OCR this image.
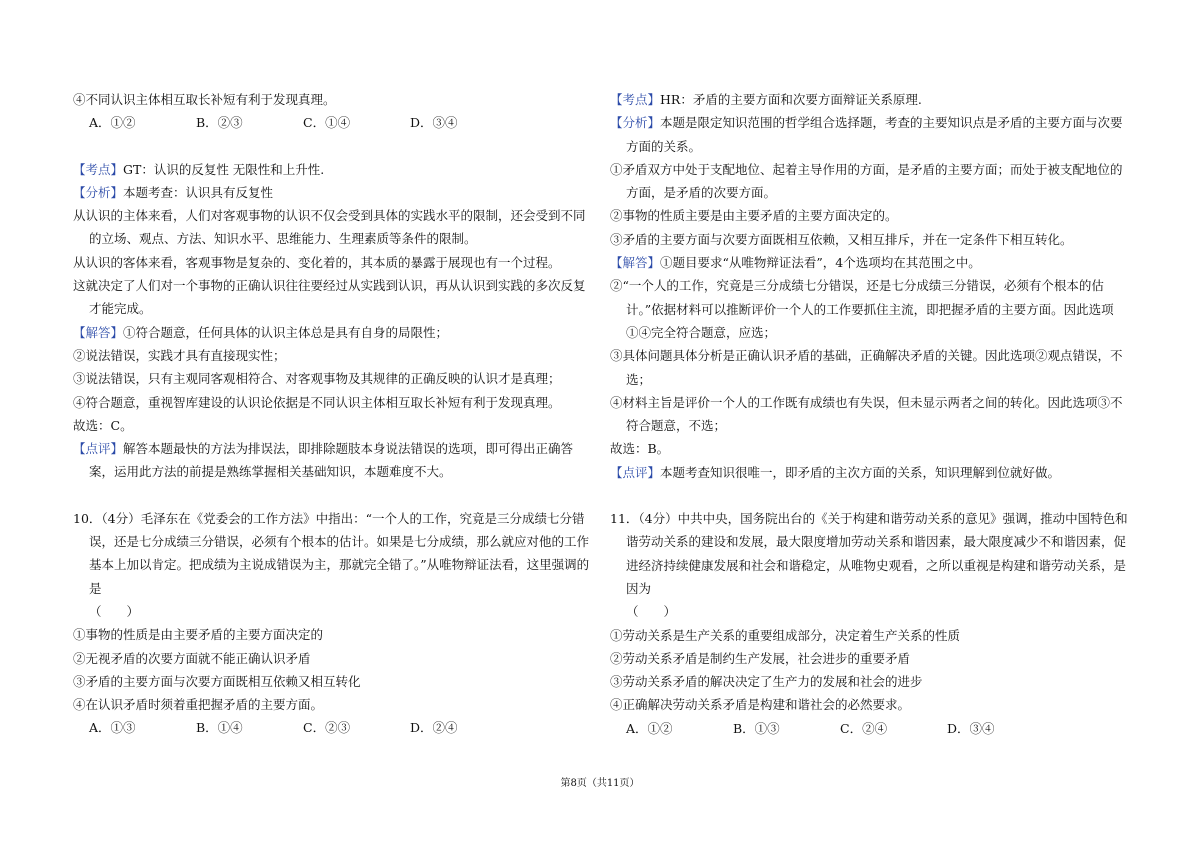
④不同认识主体相互取长补短有利于发现真理。

A．①②	B．②③	C．①④	D．③④

【考点】GT：认识的反复性 无限性和上升性.

【分析】本题考查：认识具有反复性

从认识的主体来看，人们对客观事物的认识不仅会受到具体的实践水平的限制，还会受到不同的立场、观点、方法、知识水平、思维能力、生理素质等条件的限制。

从认识的客体来看，客观事物是复杂的、变化着的，其本质的暴露于展现也有一个过程。

这就决定了人们对一个事物的正确认识往往要经过从实践到认识，再从认识到实践的多次反复才能完成。

【解答】①符合题意，任何具体的认识主体总是具有自身的局限性；

②说法错误，实践才具有直接现实性；

③说法错误，只有主观同客观相符合、对客观事物及其规律的正确反映的认识才是真理；

④符合题意，重视智库建设的认识论依据是不同认识主体相互取长补短有利于发现真理。

故选：C。

【点评】解答本题最快的方法为排误法，即排除题肢本身说法错误的选项，即可得出正确答案，运用此方法的前提是熟练掌握相关基础知识，本题难度不大。

10．（4分）毛泽东在《党委会的工作方法》中指出：“一个人的工作，究竟是三分成绩七分错误，还是七分成绩三分错误，必须有个根本的估计。如果是七分成绩，那么就应对他的工作基本上加以肯定。把成绩为主说成错误为主，那就完全错了。”从唯物辩证法看，这里强调的是

（　　）

①事物的性质是由主要矛盾的主要方面决定的

②无视矛盾的次要方面就不能正确认识矛盾

③矛盾的主要方面与次要方面既相互依赖又相互转化

④在认识矛盾时须着重把握矛盾的主要方面。

A．①③	B．①④	C．②③	D．②④

【考点】HR：矛盾的主要方面和次要方面辩证关系原理.

【分析】本题是限定知识范围的哲学组合选择题，考查的主要知识点是矛盾的主要方面与次要方面的关系。

①矛盾双方中处于支配地位、起着主导作用的方面，是矛盾的主要方面；而处于被支配地位的方面，是矛盾的次要方面。

②事物的性质主要是由主要矛盾的主要方面决定的。

③矛盾的主要方面与次要方面既相互依赖，又相互排斥，并在一定条件下相互转化。

【解答】①题目要求“从唯物辩证法看”，4个选项均在其范围之中。

②“一个人的工作，究竟是三分成绩七分错误，还是七分成绩三分错误，必须有个根本的估计。”依据材料可以推断评价一个人的工作要抓住主流，即把握矛盾的主要方面。因此选项①④完全符合题意，应选；

③具体问题具体分析是正确认识矛盾的基础，正确解决矛盾的关键。因此选项②观点错误，不选；

④材料主旨是评价一个人的工作既有成绩也有失误，但未显示两者之间的转化。因此选项③不符合题意，不选；

故选：B。

【点评】本题考查知识很唯一，即矛盾的主次方面的关系，知识理解到位就好做。

11．（4分）中共中央，国务院出台的《关于构建和谐劳动关系的意见》强调，推动中国特色和谐劳动关系的建设和发展，最大限度增加劳动关系和谐因素，最大限度减少不和谐因素，促进经济持续健康发展和社会和谐稳定，从唯物史观看，之所以重视是构建和谐劳动关系，是因为

（　　）

①劳动关系是生产关系的重要组成部分，决定着生产关系的性质

②劳动关系矛盾是制约生产发展，社会进步的重要矛盾

③劳动关系矛盾的解决决定了生产力的发展和社会的进步

④正确解决劳动关系矛盾是构建和谐社会的必然要求。

A．①②	B．①③	C．②④	D．③④
第8页（共11页）
